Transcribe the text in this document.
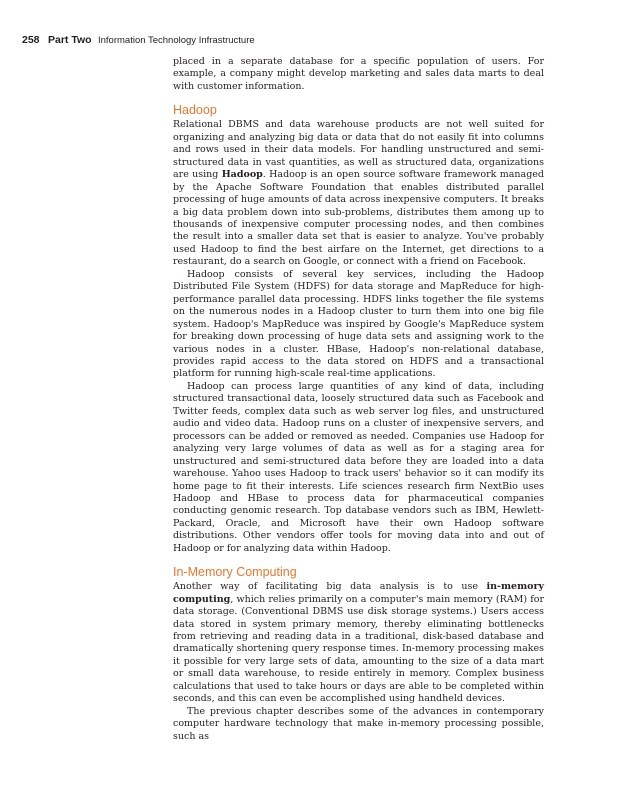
258 Part Two Information Technology Infrastructure

placed in a separate database for a specific population of users. For example, a company might develop marketing and sales data marts to deal with customer information.

Hadoop

Relational DBMS and data warehouse products are not well suited for organizing and analyzing big data or data that do not easily fit into columns and rows used in their data models. For handling unstructured and semi-structured data in vast quantities, as well as structured data, organizations are using Hadoop. Hadoop is an open source software framework managed by the Apache Software Foundation that enables distributed parallel processing of huge amounts of data across inexpensive computers. It breaks a big data problem down into sub-problems, distributes them among up to thousands of inexpensive computer processing nodes, and then combines the result into a smaller data set that is easier to analyze. You've probably used Hadoop to find the best airfare on the Internet, get directions to a restaurant, do a search on Google, or connect with a friend on Facebook.

Hadoop consists of several key services, including the Hadoop Distributed File System (HDFS) for data storage and MapReduce for high-performance parallel data processing. HDFS links together the file systems on the numerous nodes in a Hadoop cluster to turn them into one big file system. Hadoop's MapReduce was inspired by Google's MapReduce system for breaking down processing of huge data sets and assigning work to the various nodes in a cluster. HBase, Hadoop's non-relational database, provides rapid access to the data stored on HDFS and a transactional platform for running high-scale real-time applications.

Hadoop can process large quantities of any kind of data, including structured transactional data, loosely structured data such as Facebook and Twitter feeds, complex data such as web server log files, and unstructured audio and video data. Hadoop runs on a cluster of inexpensive servers, and processors can be added or removed as needed. Companies use Hadoop for analyzing very large volumes of data as well as for a staging area for unstructured and semi-structured data before they are loaded into a data warehouse. Yahoo uses Hadoop to track users' behavior so it can modify its home page to fit their interests. Life sciences research firm NextBio uses Hadoop and HBase to process data for pharmaceutical companies conducting genomic research. Top database vendors such as IBM, Hewlett-Packard, Oracle, and Microsoft have their own Hadoop software distributions. Other vendors offer tools for moving data into and out of Hadoop or for analyzing data within Hadoop.

In-Memory Computing

Another way of facilitating big data analysis is to use in-memory computing, which relies primarily on a computer's main memory (RAM) for data storage. (Conventional DBMS use disk storage systems.) Users access data stored in system primary memory, thereby eliminating bottlenecks from retrieving and reading data in a traditional, disk-based database and dramatically shortening query response times. In-memory processing makes it possible for very large sets of data, amounting to the size of a data mart or small data warehouse, to reside entirely in memory. Complex business calculations that used to take hours or days are able to be completed within seconds, and this can even be accomplished using handheld devices.

The previous chapter describes some of the advances in contemporary computer hardware technology that make in-memory processing possible, such as
